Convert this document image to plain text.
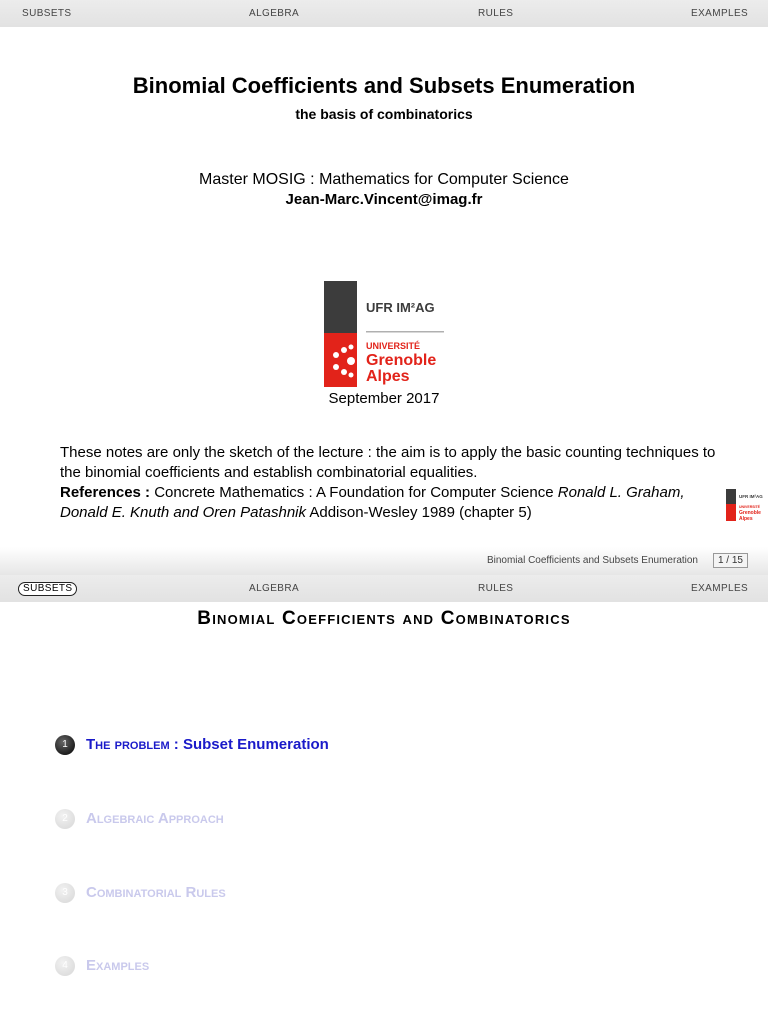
SUBSETS	ALGEBRA	RULES	EXAMPLES
Binomial Coefficients and Subsets Enumeration
the basis of combinatorics
Master MOSIG : Mathematics for Computer Science
Jean-Marc.Vincent@imag.fr
UFR IM²AG
UNIVERSITÉ
Grenoble
Alpes
September 2017
These notes are only the sketch of the lecture : the aim is to apply the basic counting techniques to the binomial coefficients and establish combinatorial equalities.
References : Concrete Mathematics : A Foundation for Computer Science Ronald L. Graham, Donald E. Knuth and Oren Patashnik Addison-Wesley 1989 (chapter 5)
UFR IM²AG
UNIVERSITÉ
Grenoble
Alpes
Binomial Coefficients and Subsets Enumeration	1 / 15
SUBSETS	ALGEBRA	RULES	EXAMPLES
Binomial Coefficients and Combinatorics
1	The problem : Subset Enumeration
2	Algebraic Approach
3	Combinatorial Rules
4	Examples
